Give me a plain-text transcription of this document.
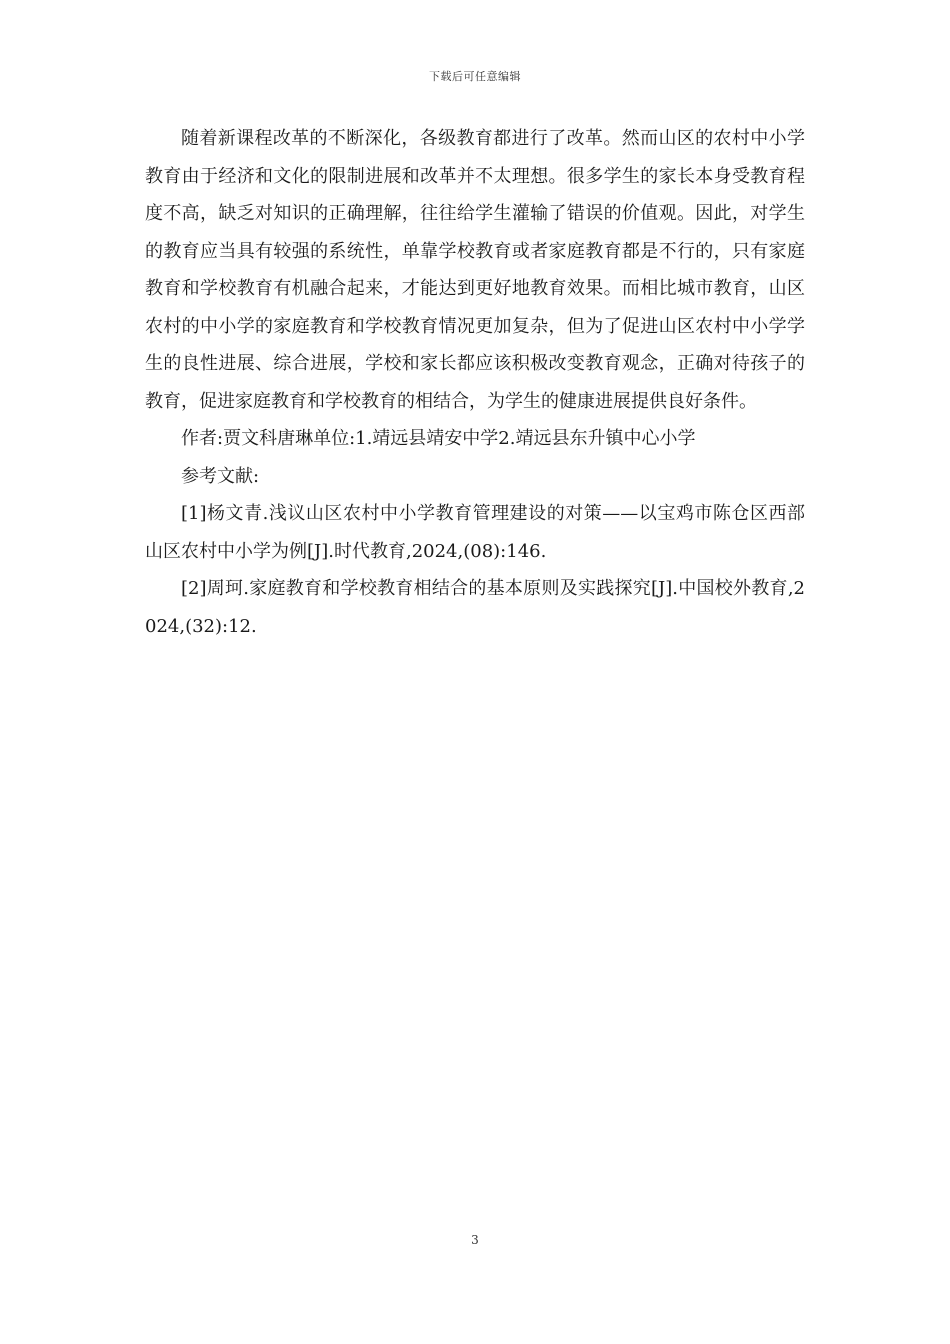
下载后可任意编辑

随着新课程改革的不断深化，各级教育都进行了改革。然而山区的农村中小学教育由于经济和文化的限制进展和改革并不太理想。很多学生的家长本身受教育程度不高，缺乏对知识的正确理解，往往给学生灌输了错误的价值观。因此，对学生的教育应当具有较强的系统性，单靠学校教育或者家庭教育都是不行的，只有家庭教育和学校教育有机融合起来，才能达到更好地教育效果。而相比城市教育，山区农村的中小学的家庭教育和学校教育情况更加复杂，但为了促进山区农村中小学学生的良性进展、综合进展，学校和家长都应该积极改变教育观念，正确对待孩子的教育，促进家庭教育和学校教育的相结合，为学生的健康进展提供良好条件。

作者:贾文科唐琳单位:1.靖远县靖安中学2.靖远县东升镇中心小学

参考文献:

[1]杨文青.浅议山区农村中小学教育管理建设的对策——以宝鸡市陈仓区西部山区农村中小学为例[J].时代教育,2024,(08):146.

[2]周珂.家庭教育和学校教育相结合的基本原则及实践探究[J].中国校外教育,2024,(32):12.

3
